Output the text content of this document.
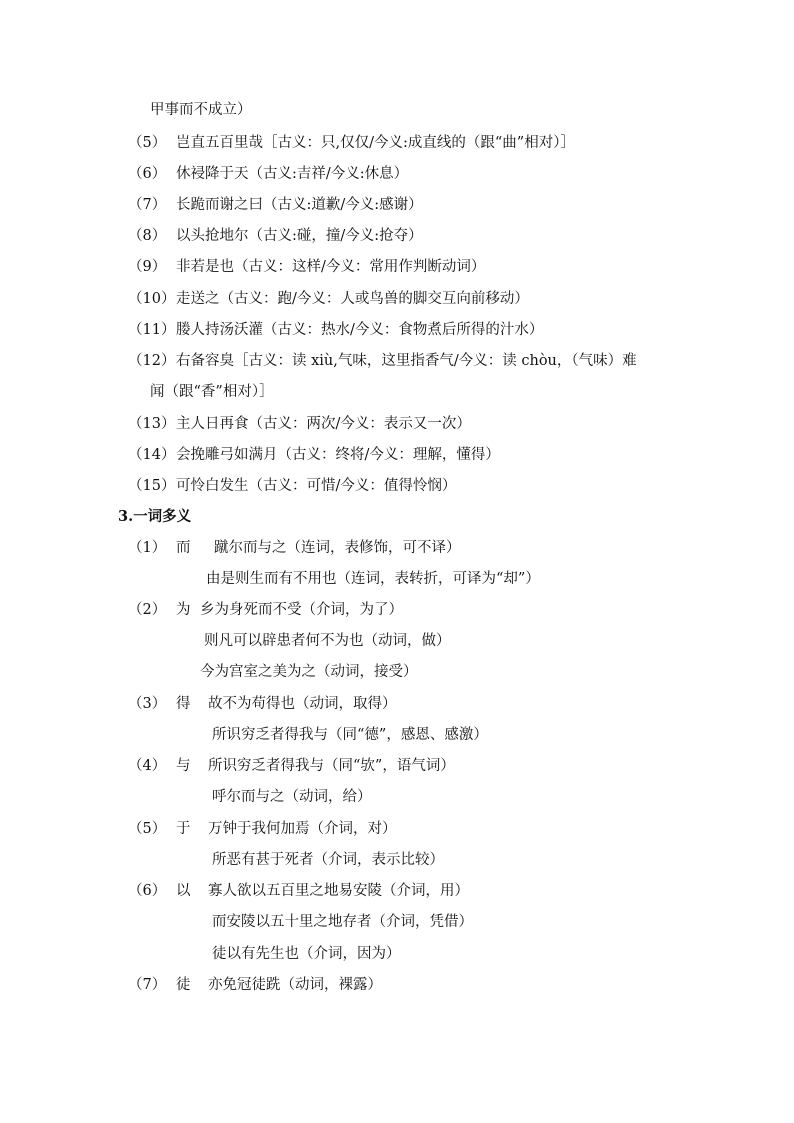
甲事而不成立）
（5） 岂直五百里哉［古义：只,仅仅/今义:成直线的（跟“曲”相对）］
（6） 休祲降于天（古义:吉祥/今义:休息）
（7） 长跪而谢之曰（古义:道歉/今义:感谢）
（8） 以头抢地尔（古义:碰，撞/今义:抢夺）
（9） 非若是也（古义：这样/今义：常用作判断动词）
（10） 走送之（古义：跑/今义：人或鸟兽的脚交互向前移动）
（11） 媵人持汤沃灌（古义：热水/今义：食物煮后所得的汁水）
（12） 右备容臭［古义：读 xiù,气味，这里指香气/今义：读 chòu，（气味）难
闻（跟“香”相对）］
（13） 主人日再食（古义：两次/今义：表示又一次）
（14） 会挽雕弓如满月（古义：终将/今义：理解，懂得）
（15） 可怜白发生（古义：可惜/今义：值得怜悯）
3.一词多义
（1） 而 蹴尔而与之（连词，表修饰，可不译）
由是则生而有不用也（连词，表转折，可译为“却”）
（2） 为 乡为身死而不受（介词，为了）
则凡可以辟患者何不为也（动词，做）
今为宫室之美为之（动词，接受）
（3） 得 故不为苟得也（动词，取得）
所识穷乏者得我与（同“德”，感恩、感激）
（4） 与 所识穷乏者得我与（同“欤”，语气词）
呼尔而与之（动词，给）
（5） 于 万钟于我何加焉（介词，对）
所恶有甚于死者（介词，表示比较）
（6） 以 寡人欲以五百里之地易安陵（介词，用）
而安陵以五十里之地存者（介词，凭借）
徒以有先生也（介词，因为）
（7） 徒 亦免冠徒跣（动词，裸露）
